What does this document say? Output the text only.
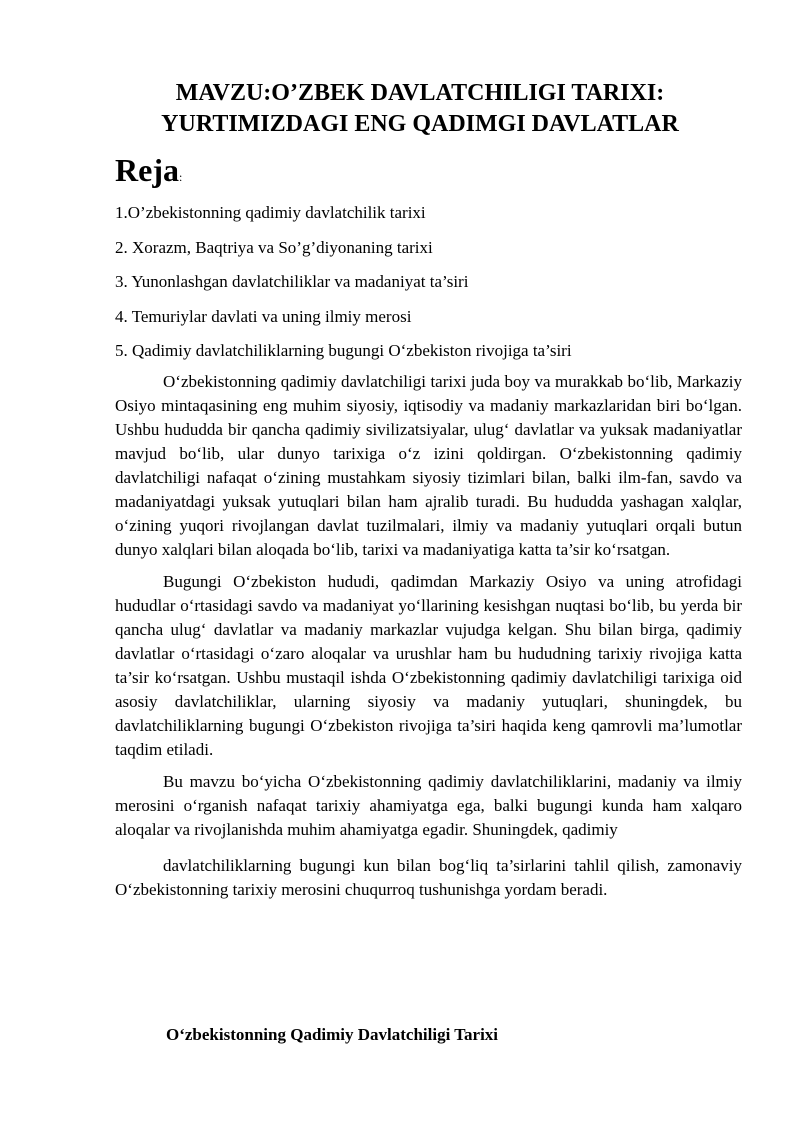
MAVZU:O’ZBEK DAVLATCHILIGI TARIXI:
YURTIMIZDAGI ENG QADIMGI DAVLATLAR
Reja:
1.O’zbekistonning qadimiy davlatchilik tarixi
2. Xorazm, Baqtriya va So’g’diyonaning tarixi
3. Yunonlashgan davlatchiliklar va madaniyat ta’siri
4. Temuriylar davlati va uning ilmiy merosi
5. Qadimiy davlatchiliklarning bugungi O‘zbekiston rivojiga ta’siri

O‘zbekistonning qadimiy davlatchiligi tarixi juda boy va murakkab bo‘lib, Markaziy Osiyo mintaqasining eng muhim siyosiy, iqtisodiy va madaniy markazlaridan biri bo‘lgan. Ushbu hududda bir qancha qadimiy sivilizatsiyalar, ulug‘ davlatlar va yuksak madaniyatlar mavjud bo‘lib, ular dunyo tarixiga o‘z izini qoldirgan. O‘zbekistonning qadimiy davlatchiligi nafaqat o‘zining mustahkam siyosiy tizimlari bilan, balki ilm-fan, savdo va madaniyatdagi yuksak yutuqlari bilan ham ajralib turadi. Bu hududda yashagan xalqlar, o‘zining yuqori rivojlangan davlat tuzilmalari, ilmiy va madaniy yutuqlari orqali butun dunyo xalqlari bilan aloqada bo‘lib, tarixi va madaniyatiga katta ta’sir ko‘rsatgan.

Bugungi O‘zbekiston hududi, qadimdan Markaziy Osiyo va uning atrofidagi hududlar o‘rtasidagi savdo va madaniyat yo‘llarining kesishgan nuqtasi bo‘lib, bu yerda bir qancha ulug‘ davlatlar va madaniy markazlar vujudga kelgan. Shu bilan birga, qadimiy davlatlar o‘rtasidagi o‘zaro aloqalar va urushlar ham bu hududning tarixiy rivojiga katta ta’sir ko‘rsatgan. Ushbu mustaqil ishda O‘zbekistonning qadimiy davlatchiligi tarixiga oid asosiy davlatchiliklar, ularning siyosiy va madaniy yutuqlari, shuningdek, bu davlatchiliklarning bugungi O‘zbekiston rivojiga ta’siri haqida keng qamrovli ma’lumotlar taqdim etiladi.

Bu mavzu bo‘yicha O‘zbekistonning qadimiy davlatchiliklarini, madaniy va ilmiy merosini o‘rganish nafaqat tarixiy ahamiyatga ega, balki bugungi kunda ham xalqaro aloqalar va rivojlanishda muhim ahamiyatga egadir. Shuningdek, qadimiy

davlatchiliklarning bugungi kun bilan bog‘liq ta’sirlarini tahlil qilish, zamonaviy O‘zbekistonning tarixiy merosini chuqurroq tushunishga yordam beradi.

O‘zbekistonning Qadimiy Davlatchiligi Tarixi
